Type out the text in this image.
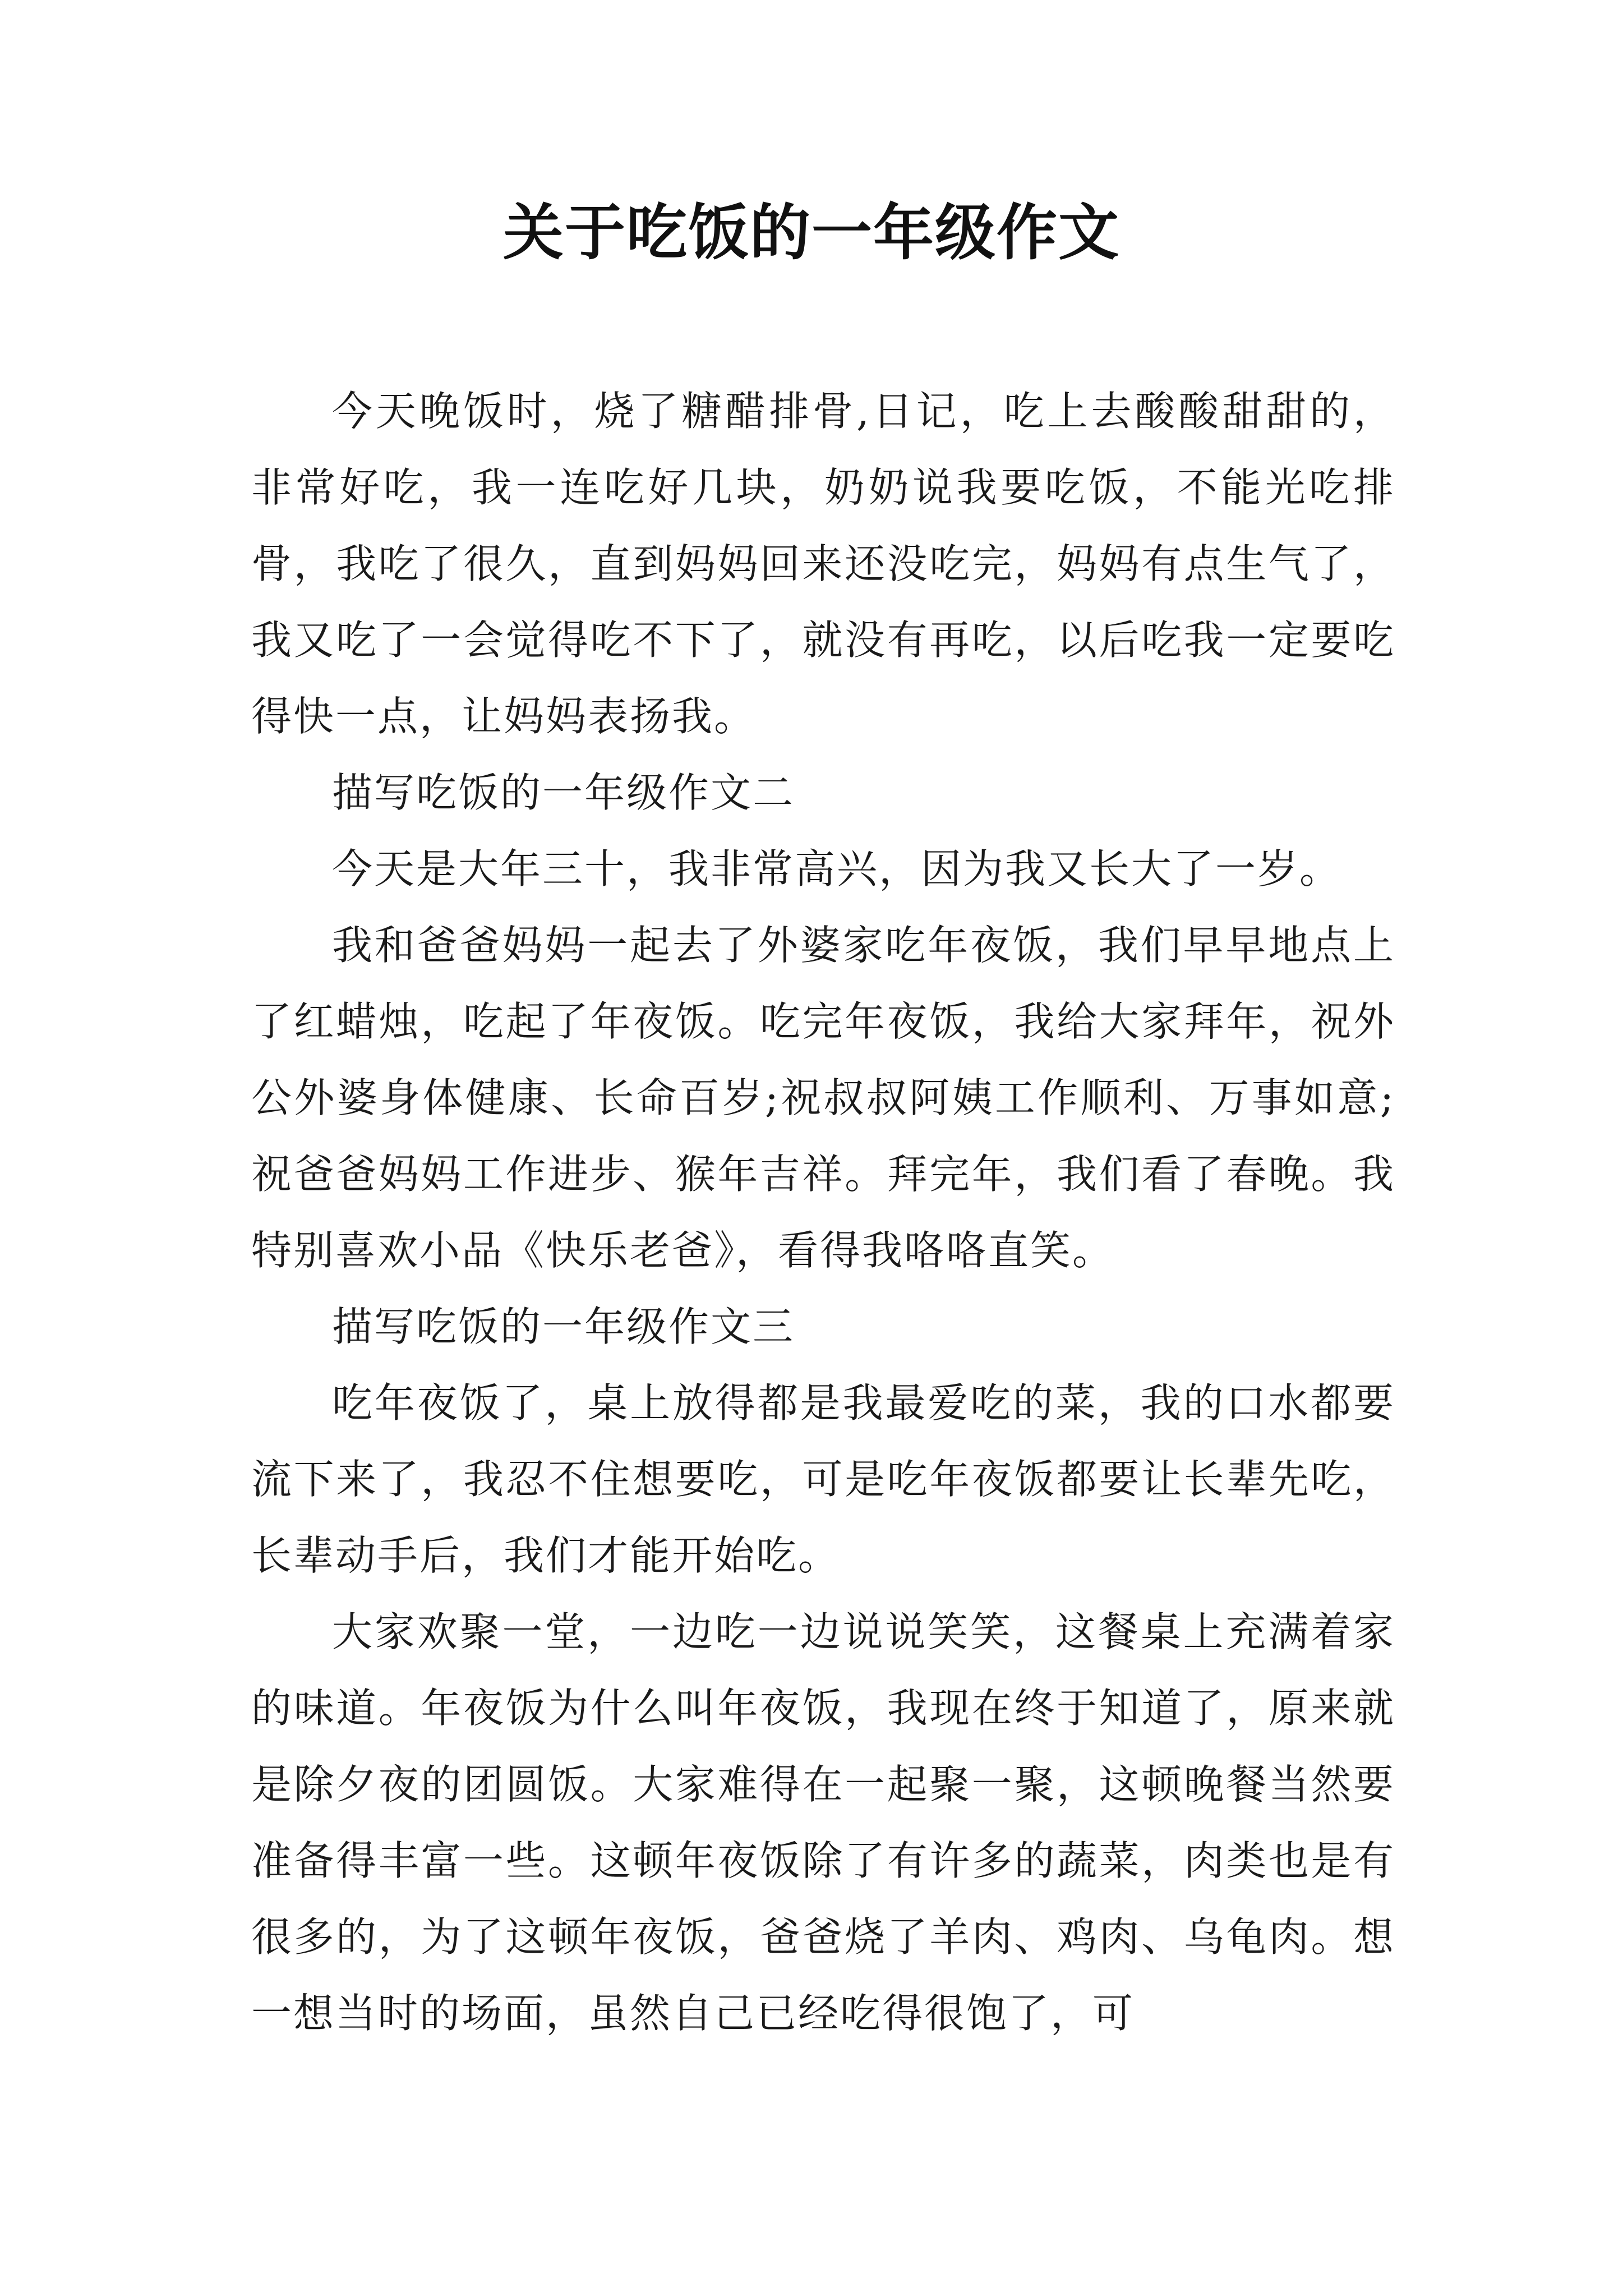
关于吃饭的一年级作文

今天晚饭时，烧了糖醋排骨,日记，吃上去酸酸甜甜的，非常好吃，我一连吃好几块，奶奶说我要吃饭，不能光吃排骨，我吃了很久，直到妈妈回来还没吃完，妈妈有点生气了，我又吃了一会觉得吃不下了，就没有再吃，以后吃我一定要吃得快一点，让妈妈表扬我。

描写吃饭的一年级作文二

今天是大年三十，我非常高兴，因为我又长大了一岁。

我和爸爸妈妈一起去了外婆家吃年夜饭，我们早早地点上了红蜡烛，吃起了年夜饭。吃完年夜饭，我给大家拜年，祝外公外婆身体健康、长命百岁;祝叔叔阿姨工作顺利、万事如意;祝爸爸妈妈工作进步、猴年吉祥。拜完年，我们看了春晚。我特别喜欢小品《快乐老爸》，看得我咯咯直笑。

描写吃饭的一年级作文三

吃年夜饭了，桌上放得都是我最爱吃的菜，我的口水都要流下来了，我忍不住想要吃，可是吃年夜饭都要让长辈先吃，长辈动手后，我们才能开始吃。

大家欢聚一堂，一边吃一边说说笑笑，这餐桌上充满着家的味道。年夜饭为什么叫年夜饭，我现在终于知道了，原来就是除夕夜的团圆饭。大家难得在一起聚一聚，这顿晚餐当然要准备得丰富一些。这顿年夜饭除了有许多的蔬菜，肉类也是有很多的，为了这顿年夜饭，爸爸烧了羊肉、鸡肉、乌龟肉。想一想当时的场面，虽然自己已经吃得很饱了，可
